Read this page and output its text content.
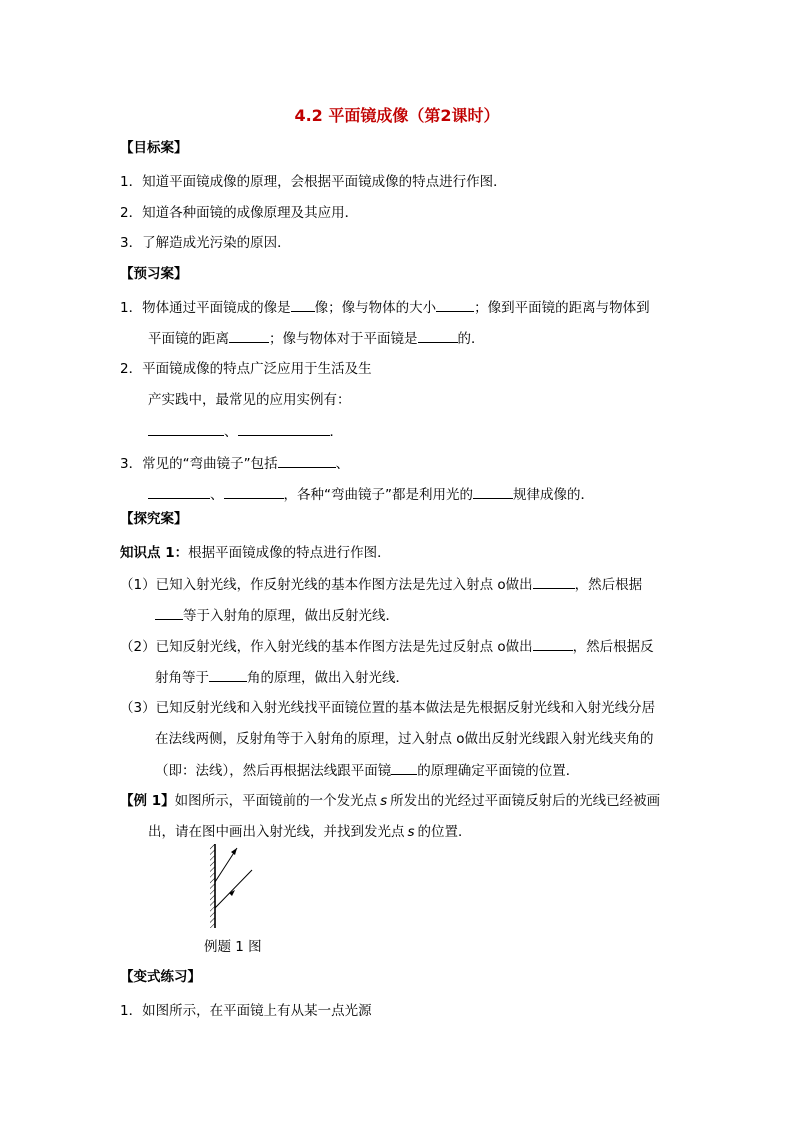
4.2 平面镜成像（第2课时）
【目标案】
1．知道平面镜成像的原理，会根据平面镜成像的特点进行作图．
2．知道各种面镜的成像原理及其应用．
3．了解造成光污染的原因．
【预习案】
1．物体通过平面镜成的像是 像；像与物体的大小	；像到平面镜的距离与物体到
平面镜的距离	；像与物体对于平面镜是	的．
2．平面镜成像的特点广泛应用于生活及生
产实践中，最常见的应用实例有：
、	．
3．常见的“弯曲镜子”包括	、
、	，各种“弯曲镜子”都是利用光的	规律成像的．
【探究案】
知识点 1：根据平面镜成像的特点进行作图．
（1）已知入射光线，作反射光线的基本作图方法是先过入射点 o做出	，然后根据
等于入射角的原理，做出反射光线．
（2）已知反射光线，作入射光线的基本作图方法是先过反射点 o做出	，然后根据反
射角等于	角的原理，做出入射光线．
（3）已知反射光线和入射光线找平面镜位置的基本做法是先根据反射光线和入射光线分居
在法线两侧，反射角等于入射角的原理，过入射点 o做出反射光线跟入射光线夹角的
（即：法线），然后再根据法线跟平面镜 的原理确定平面镜的位置．
【例 1】如图所示，平面镜前的一个发光点 s 所发出的光经过平面镜反射后的光线已经被画
出，请在图中画出入射光线，并找到发光点 s 的位置．
例题 1 图
【变式练习】
1．如图所示，在平面镜上有从某一点光源
